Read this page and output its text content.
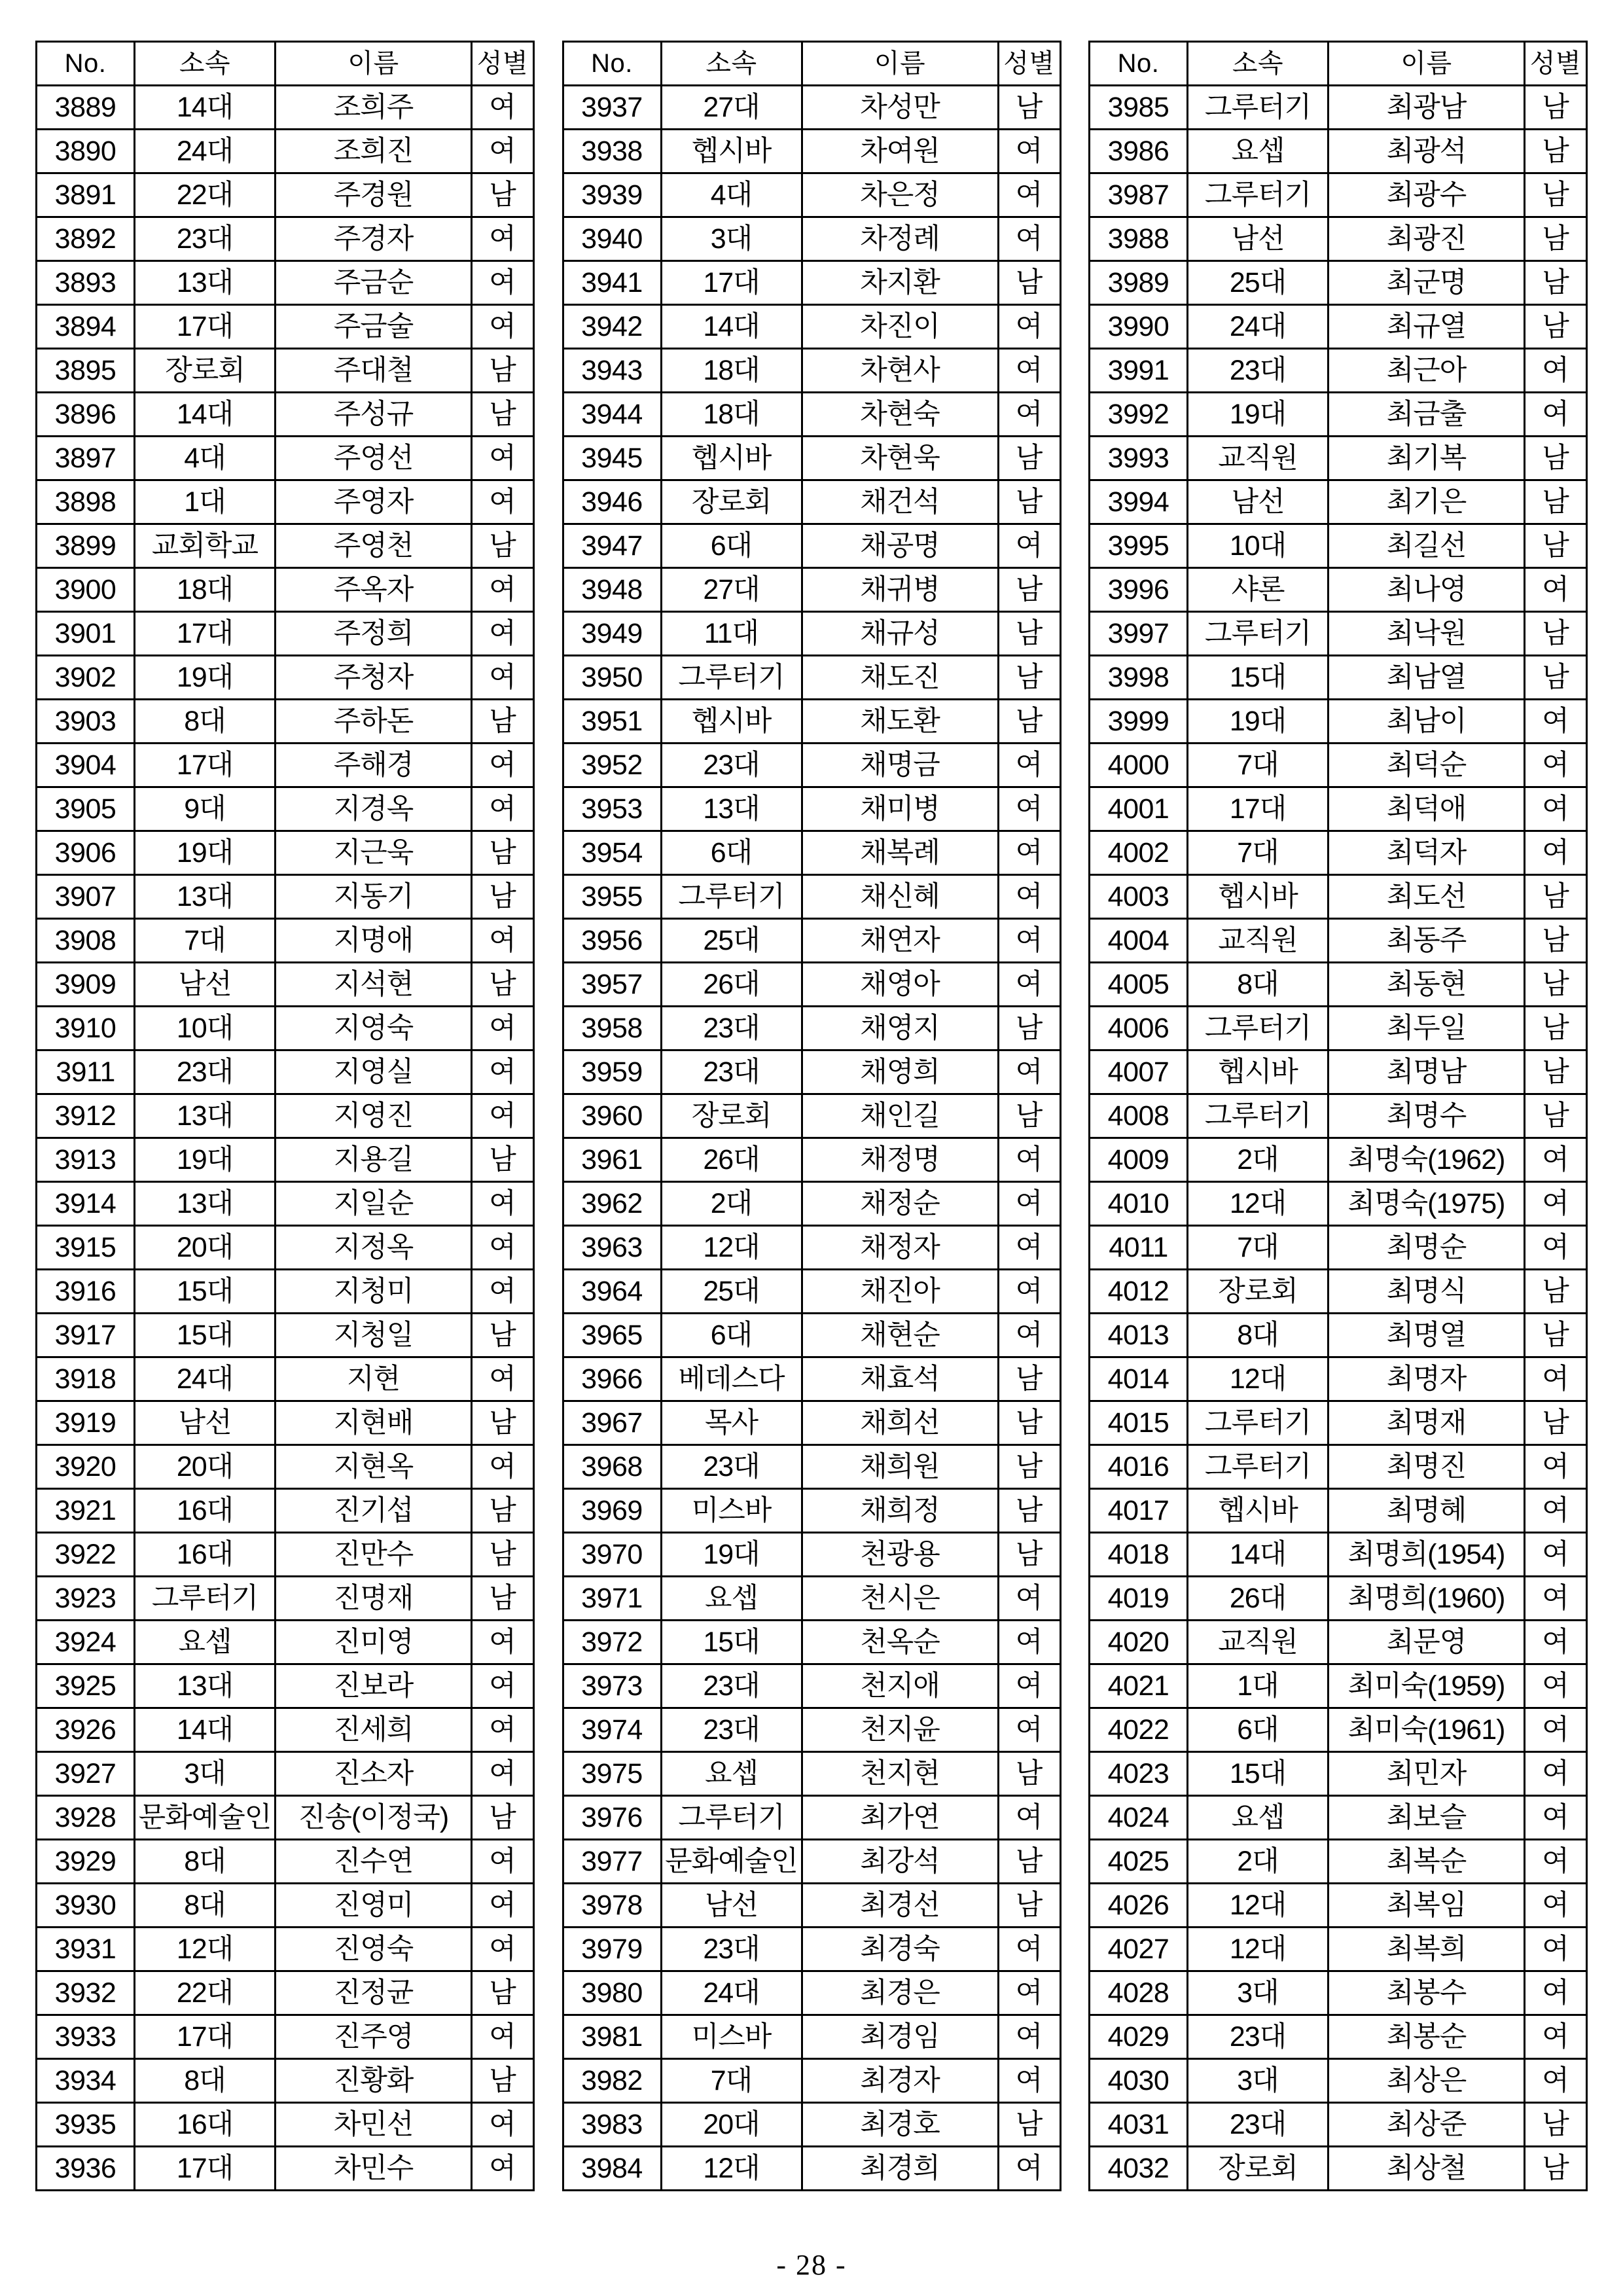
No.	소속	이름	성별
3889	14대	조희주	여
3890	24대	조희진	여
3891	22대	주경원	남
3892	23대	주경자	여
3893	13대	주금순	여
3894	17대	주금술	여
3895	장로회	주대철	남
3896	14대	주성규	남
3897	4대	주영선	여
3898	1대	주영자	여
3899	교회학교	주영천	남
3900	18대	주옥자	여
3901	17대	주정희	여
3902	19대	주청자	여
3903	8대	주하돈	남
3904	17대	주해경	여
3905	9대	지경옥	여
3906	19대	지근욱	남
3907	13대	지동기	남
3908	7대	지명애	여
3909	남선	지석현	남
3910	10대	지영숙	여
3911	23대	지영실	여
3912	13대	지영진	여
3913	19대	지용길	남
3914	13대	지일순	여
3915	20대	지정옥	여
3916	15대	지청미	여
3917	15대	지청일	남
3918	24대	지현	여
3919	남선	지현배	남
3920	20대	지현옥	여
3921	16대	진기섭	남
3922	16대	진만수	남
3923	그루터기	진명재	남
3924	요셉	진미영	여
3925	13대	진보라	여
3926	14대	진세희	여
3927	3대	진소자	여
3928	문화예술인	진송(이정국)	남
3929	8대	진수연	여
3930	8대	진영미	여
3931	12대	진영숙	여
3932	22대	진정균	남
3933	17대	진주영	여
3934	8대	진황화	남
3935	16대	차민선	여
3936	17대	차민수	여
No.	소속	이름	성별
3937	27대	차성만	남
3938	헵시바	차여원	여
3939	4대	차은정	여
3940	3대	차정례	여
3941	17대	차지환	남
3942	14대	차진이	여
3943	18대	차현사	여
3944	18대	차현숙	여
3945	헵시바	차현욱	남
3946	장로회	채건석	남
3947	6대	채공명	여
3948	27대	채귀병	남
3949	11대	채규성	남
3950	그루터기	채도진	남
3951	헵시바	채도환	남
3952	23대	채명금	여
3953	13대	채미병	여
3954	6대	채복례	여
3955	그루터기	채신혜	여
3956	25대	채연자	여
3957	26대	채영아	여
3958	23대	채영지	남
3959	23대	채영희	여
3960	장로회	채인길	남
3961	26대	채정명	여
3962	2대	채정순	여
3963	12대	채정자	여
3964	25대	채진아	여
3965	6대	채현순	여
3966	베데스다	채효석	남
3967	목사	채희선	남
3968	23대	채희원	남
3969	미스바	채희정	남
3970	19대	천광용	남
3971	요셉	천시은	여
3972	15대	천옥순	여
3973	23대	천지애	여
3974	23대	천지윤	여
3975	요셉	천지현	남
3976	그루터기	최가연	여
3977	문화예술인	최강석	남
3978	남선	최경선	남
3979	23대	최경숙	여
3980	24대	최경은	여
3981	미스바	최경임	여
3982	7대	최경자	여
3983	20대	최경호	남
3984	12대	최경희	여
No.	소속	이름	성별
3985	그루터기	최광남	남
3986	요셉	최광석	남
3987	그루터기	최광수	남
3988	남선	최광진	남
3989	25대	최군명	남
3990	24대	최규열	남
3991	23대	최근아	여
3992	19대	최금출	여
3993	교직원	최기복	남
3994	남선	최기은	남
3995	10대	최길선	남
3996	샤론	최나영	여
3997	그루터기	최낙원	남
3998	15대	최남열	남
3999	19대	최남이	여
4000	7대	최덕순	여
4001	17대	최덕애	여
4002	7대	최덕자	여
4003	헵시바	최도선	남
4004	교직원	최동주	남
4005	8대	최동현	남
4006	그루터기	최두일	남
4007	헵시바	최명남	남
4008	그루터기	최명수	남
4009	2대	최명숙(1962)	여
4010	12대	최명숙(1975)	여
4011	7대	최명순	여
4012	장로회	최명식	남
4013	8대	최명열	남
4014	12대	최명자	여
4015	그루터기	최명재	남
4016	그루터기	최명진	여
4017	헵시바	최명혜	여
4018	14대	최명희(1954)	여
4019	26대	최명희(1960)	여
4020	교직원	최문영	여
4021	1대	최미숙(1959)	여
4022	6대	최미숙(1961)	여
4023	15대	최민자	여
4024	요셉	최보슬	여
4025	2대	최복순	여
4026	12대	최복임	여
4027	12대	최복희	여
4028	3대	최봉수	여
4029	23대	최봉순	여
4030	3대	최상은	여
4031	23대	최상준	남
4032	장로회	최상철	남
- 28 -
